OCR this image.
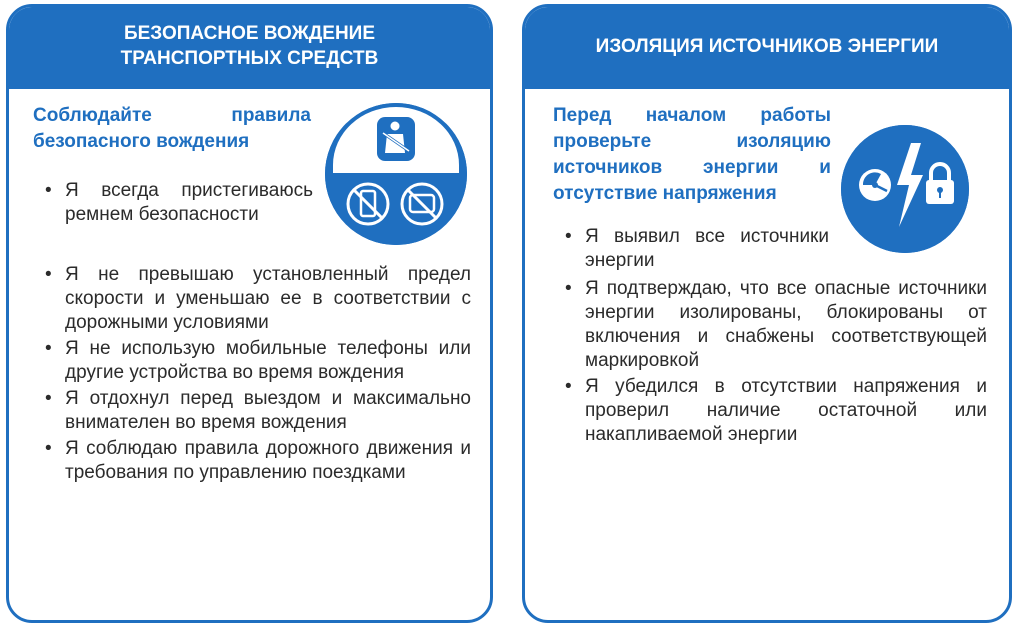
БЕЗОПАСНОЕ ВОЖДЕНИЕ
ТРАНСПОРТНЫХ СРЕДСТВ
Соблюдайте правила безопасного вождения
• Я всегда пристегиваюсь ремнем безопасности
• Я не превышаю установленный предел скорости и уменьшаю ее в соответствии с дорожными условиями
• Я не использую мобильные телефоны или другие устройства во время вождения
• Я отдохнул перед выездом и максимально внимателен во время вождения
• Я соблюдаю правила дорожного движения и требования по управлению поездками
ИЗОЛЯЦИЯ ИСТОЧНИКОВ ЭНЕРГИИ
Перед началом работы проверьте изоляцию источников энергии и отсутствие напряжения
• Я выявил все источники энергии
• Я подтверждаю, что все опасные источники энергии изолированы, блокированы от включения и снабжены соответствующей маркировкой
• Я убедился в отсутствии напряжения и проверил наличие остаточной или накапливаемой энергии
